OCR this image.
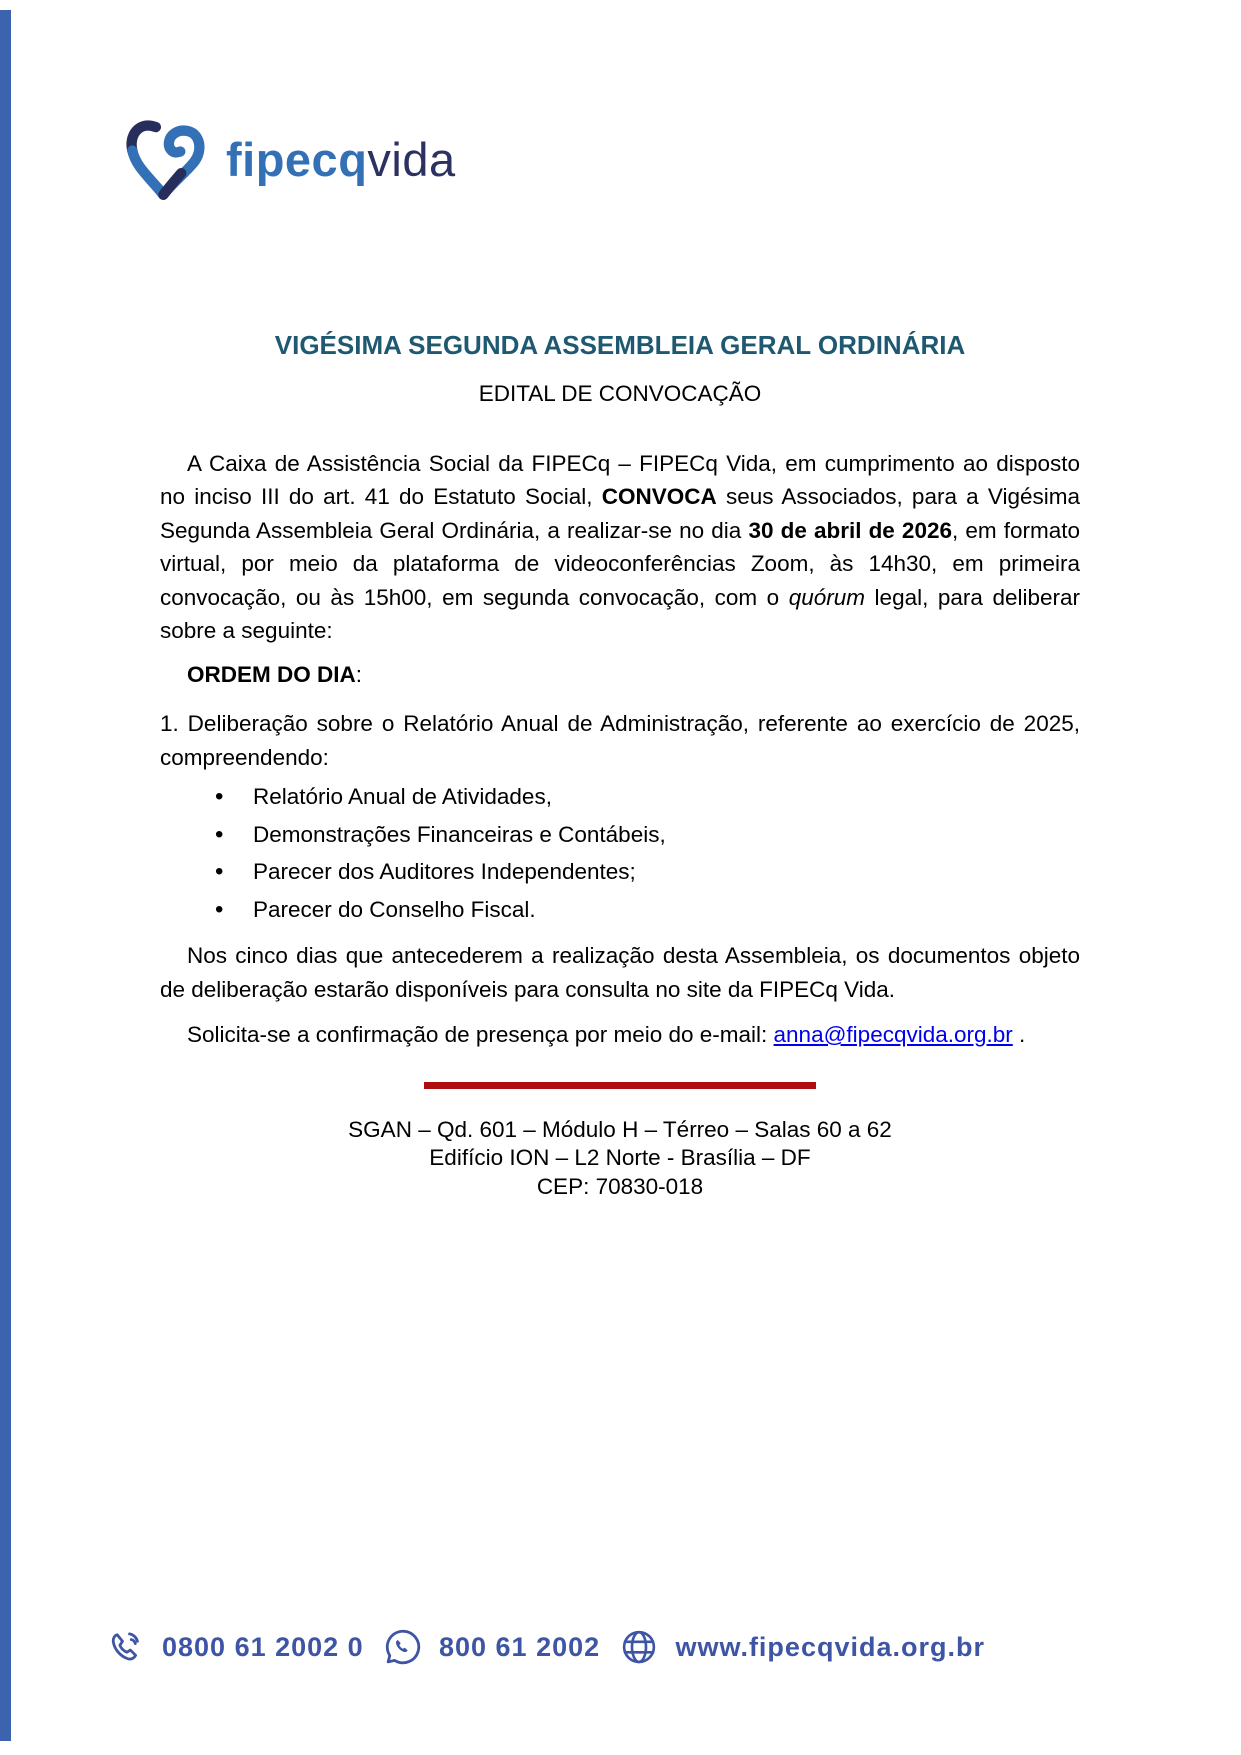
fipecqvida
VIGÉSIMA SEGUNDA ASSEMBLEIA GERAL ORDINÁRIA

EDITAL DE CONVOCAÇÃO

A Caixa de Assistência Social da FIPECq – FIPECq Vida, em cumprimento ao disposto no inciso III do art. 41 do Estatuto Social, CONVOCA seus Associados, para a Vigésima Segunda Assembleia Geral Ordinária, a realizar-se no dia 30 de abril de 2026, em formato virtual, por meio da plataforma de videoconferências Zoom, às 14h30, em primeira convocação, ou às 15h00, em segunda convocação, com o quórum legal, para deliberar sobre a seguinte:

ORDEM DO DIA:

1. Deliberação sobre o Relatório Anual de Administração, referente ao exercício de 2025, compreendendo:

• Relatório Anual de Atividades,
• Demonstrações Financeiras e Contábeis,
• Parecer dos Auditores Independentes;
• Parecer do Conselho Fiscal.

Nos cinco dias que antecederem a realização desta Assembleia, os documentos objeto de deliberação estarão disponíveis para consulta no site da FIPECq Vida.

Solicita-se a confirmação de presença por meio do e-mail: anna@fipecqvida.org.br .

SGAN – Qd. 601 – Módulo H – Térreo – Salas 60 a 62

Edifício ION – L2 Norte - Brasília – DF

CEP: 70830-018

0800 61 2002 0	800 61 2002	www.fipecqvida.org.br
